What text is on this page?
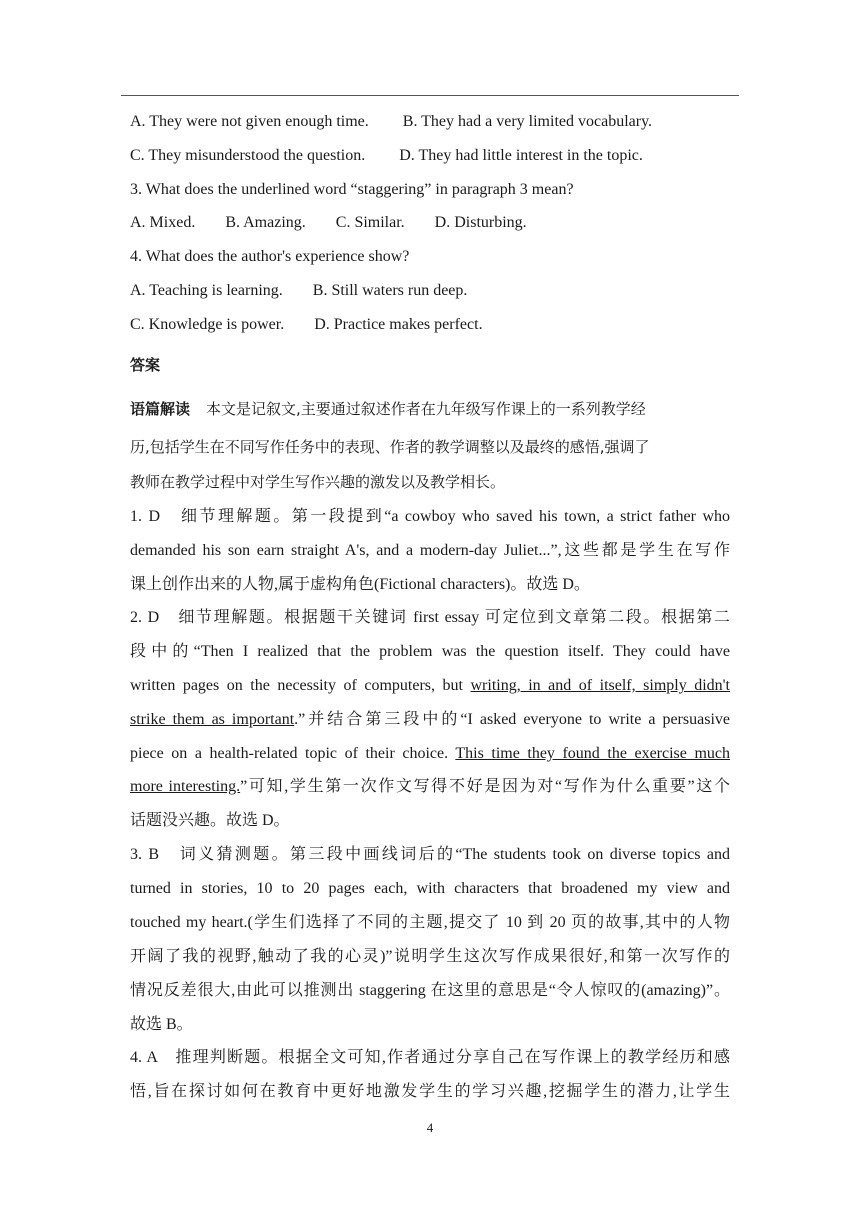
A. They were not given enough time. B. They had a very limited vocabulary.
C. They misunderstood the question. D. They had little interest in the topic.
3. What does the underlined word “staggering” in paragraph 3 mean?
A. Mixed. B. Amazing. C. Similar. D. Disturbing.
4. What does the author's experience show?
A. Teaching is learning. B. Still waters run deep.
C. Knowledge is power. D. Practice makes perfect.
答案
语篇解读　 本文是记叙文,主要通过叙述作者在九年级写作课上的一系列教学经
历,包括学生在不同写作任务中的表现、作者的教学调整以及最终的感悟,强调了
教师在教学过程中对学生写作兴趣的激发以及教学相长。
1. D　细节理解题。第一段提到“a cowboy who saved his town, a strict father who
demanded his son earn straight A's, and a modern-day Juliet...”,这些都是学生在写作
课上创作出来的人物,属于虚构角色(Fictional characters)。故选 D。
2. D　细节理解题。根据题干关键词 first essay 可定位到文章第二段。根据第二
段中的“Then I realized that the problem was the question itself. They could have
written pages on the necessity of computers, but writing, in and of itself, simply didn't
strike them as important.”并结合第三段中的“I asked everyone to write a persuasive
piece on a health-related topic of their choice. This time they found the exercise much
more interesting.”可知,学生第一次作文写得不好是因为对“写作为什么重要”这个
话题没兴趣。故选 D。
3. B　词义猜测题。第三段中画线词后的“The students took on diverse topics and
turned in stories, 10 to 20 pages each, with characters that broadened my view and
touched my heart.(学生们选择了不同的主题,提交了 10 到 20 页的故事,其中的人物
开阔了我的视野,触动了我的心灵)”说明学生这次写作成果很好,和第一次写作的
情况反差很大,由此可以推测出 staggering 在这里的意思是“令人惊叹的(amazing)”。
故选 B。
4. A　推理判断题。根据全文可知,作者通过分享自己在写作课上的教学经历和感
悟,旨在探讨如何在教育中更好地激发学生的学习兴趣,挖掘学生的潜力,让学生
4
